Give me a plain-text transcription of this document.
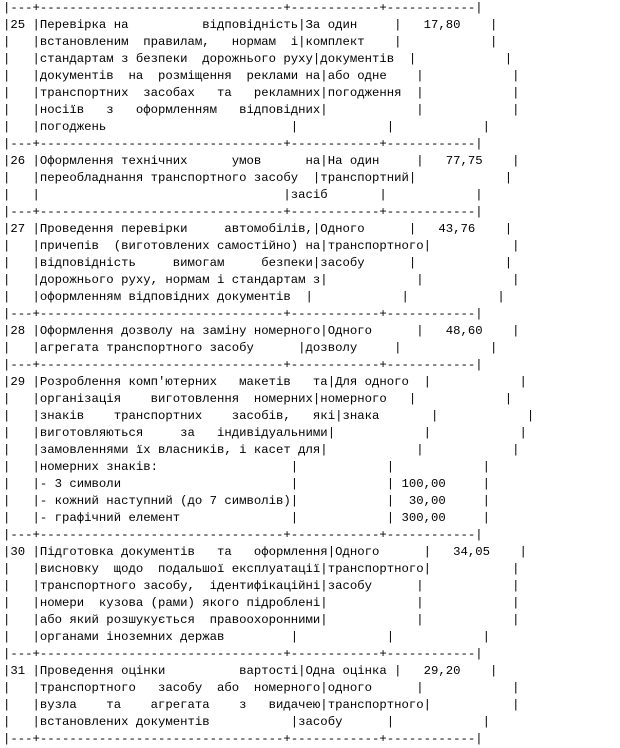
|---+---------------------------------+------------+------------|
|25 |Перевірка на          відповідність|За один     |   17,80    |
|   |встановленим  правилам,   нормам  і|комплект    |            |
|   |стандартам з безпеки  дорожнього руху|документів  |            |
|   |документів  на  розміщення  реклами на|або одне    |            |
|   |транспортних  засобах   та   рекламних|погодження  |            |
|   |носіїв   з   оформленням   відповідних|            |            |
|   |погоджень                         |            |            |
|---+---------------------------------+------------+------------|
|26 |Оформлення технічних      умов      на|На один     |   77,75    |
|   |переобладнання транспортного засобу  |транспортний|            |
|   |                                 |засіб       |            |
|---+---------------------------------+------------+------------|
|27 |Проведення перевірки     автомобілів,|Одного      |   43,76    |
|   |причепів  (виготовлених самостійно) на|транспортного|           |
|   |відповідність     вимогам     безпеки|засобу      |            |
|   |дорожнього руху, нормам і стандартам з|            |            |
|   |оформленням відповідних документів  |            |            |
|---+---------------------------------+------------+------------|
|28 |Оформлення дозволу на заміну номерного|Одного      |   48,60    |
|   |агрегата транспортного засобу      |дозволу     |            |
|---+---------------------------------+------------+------------|
|29 |Розроблення комп'ютерних   макетів   та|Для одного  |            |
|   |організація    виготовлення  номерних|номерного   |            |
|   |знаків    транспортних    засобів,   які|знака       |            |
|   |виготовляються     за   індивідуальними|            |            |
|   |замовленнями їх власників, і касет для|            |            |
|   |номерних знаків:                  |            |            |
|   |- 3 символи                       |            | 100,00     |
|   |- кожний наступний (до 7 символів)|            |  30,00     |
|   |- графічний елемент               |            | 300,00     |
|---+---------------------------------+------------+------------|
|30 |Підготовка документів   та   оформлення|Одного      |   34,05    |
|   |висновку  щодо  подальшої експлуатації|транспортного|           |
|   |транспортного засобу,  ідентифікаційні|засобу      |            |
|   |номери  кузова (рами) якого підроблені|            |            |
|   |або який розшукується  правоохоронними|            |            |
|   |органами іноземних держав         |            |            |
|---+---------------------------------+------------+------------|
|31 |Проведення оцінки          вартості|Одна оцінка |   29,20    |
|   |транспортного   засобу  або  номерного|одного      |            |
|   |вузла    та    агрегата    з   видачею|транспортного|           |
|   |встановлених документів           |засобу      |            |
|---+---------------------------------+------------+------------|
